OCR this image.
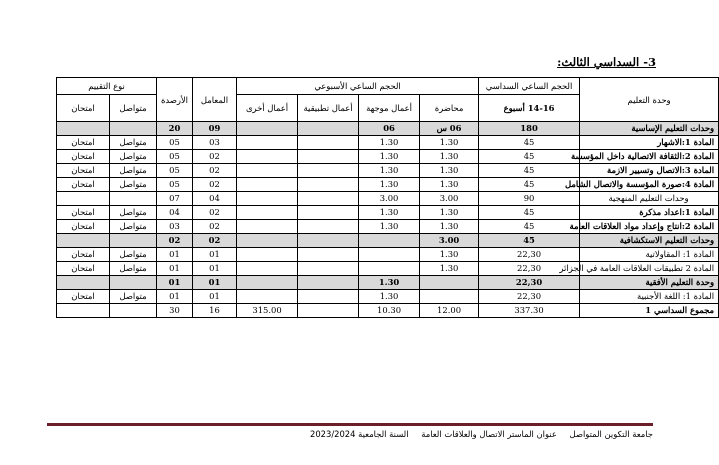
3- السداسي الثالث:
وحدة التعليم	الحجم الساعي السداسي	الحجم الساعي الأسبوعي				المعامل	الأرصدة	نوع التقييم	
	14-16 أسبوع	محاضرة	أعمال موجهة	أعمال تطبيقية	أعمال أخرى			متواصل	امتحان
وحدات التعليم الإساسية	180	06 س	06			09	20		
المادة 1:الاشهار	45	1.30	1.30			03	05	متواصل	امتحان
المادة 2:الثقافة الاتصالية داخل المؤسسة	45	1.30	1.30			02	05	متواصل	امتحان
المادة 3:الاتصال وتسيير الازمة	45	1.30	1.30			02	05	متواصل	امتحان
المادة 4:صورة المؤسسة والاتصال الشامل	45	1.30	1.30			02	05	متواصل	امتحان
وحدات التعليم المنهجية	90	3.00	3.00			04	07		
المادة 1:اعداد مذكرة	45	1.30	1.30			02	04	متواصل	امتحان
المادة 2:انتاج وإعداد مواد العلاقات العامة	45	1.30	1.30			02	03	متواصل	امتحان
وحدات التعليم الاستكشافية	45	3.00				02	02		
المادة 1: المقاولاتية	22,30	1.30				01	01	متواصل	امتحان
المادة 2 تطبيقات العلاقات العامة في الجزائر	22,30	1.30				01	01	متواصل	امتحان
وحدة التعليم الأفقية	22,30		1.30			01	01		
المادة 1: اللغة الأجنبية	22,30		1.30			01	01	متواصل	امتحان
مجموع السداسي 1	337.30	12.00	10.30		315.00	16	30		
جامعة التكوين المتواصل عنوان الماستر الاتصال والعلاقات العامة السنة الجامعية 2023/2024
